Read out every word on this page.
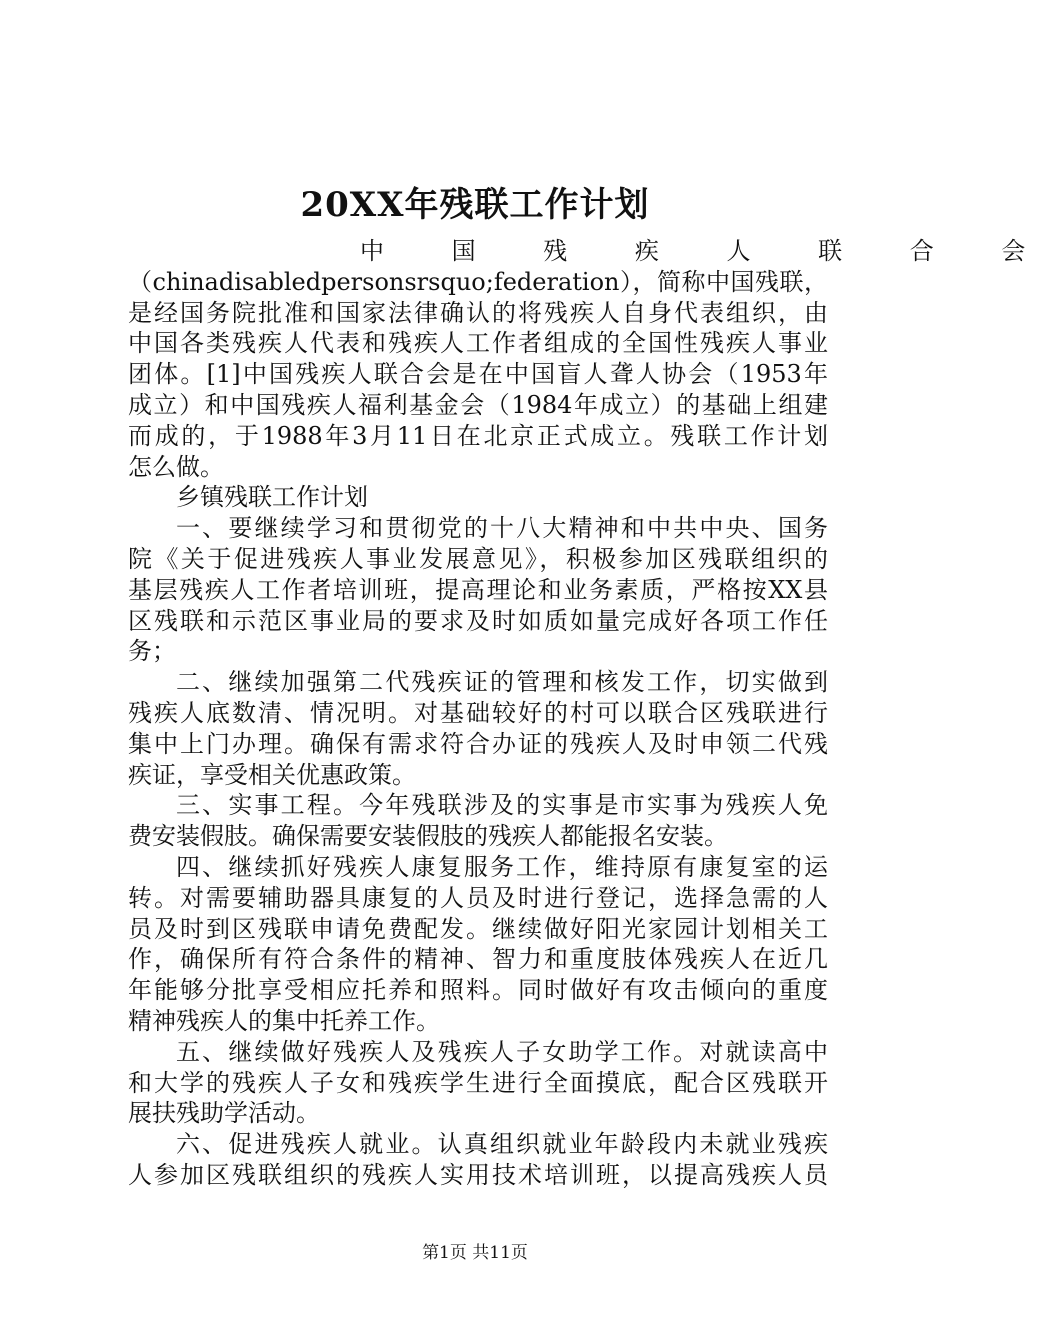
20XX年残联工作计划
中 国 残 疾 人 联 合 会
（chinadisabledpersonsrsquo;federation），简称中国残联，
是经国务院批准和国家法律确认的将残疾人自身代表组织，由
中国各类残疾人代表和残疾人工作者组成的全国性残疾人事业
团体。[1]中国残疾人联合会是在中国盲人聋人协会（1953年
成立）和中国残疾人福利基金会（1984年成立）的基础上组建
而成的，于1988年3月11日在北京正式成立。残联工作计划
怎么做。
乡镇残联工作计划
一、要继续学习和贯彻党的十八大精神和中共中央、国务
院《关于促进残疾人事业发展意见》，积极参加区残联组织的
基层残疾人工作者培训班，提高理论和业务素质，严格按XX县
区残联和示范区事业局的要求及时如质如量完成好各项工作任
务；
二、继续加强第二代残疾证的管理和核发工作，切实做到
残疾人底数清、情况明。对基础较好的村可以联合区残联进行
集中上门办理。确保有需求符合办证的残疾人及时申领二代残
疾证，享受相关优惠政策。
三、实事工程。今年残联涉及的实事是市实事为残疾人免
费安装假肢。确保需要安装假肢的残疾人都能报名安装。
四、继续抓好残疾人康复服务工作，维持原有康复室的运
转。对需要辅助器具康复的人员及时进行登记，选择急需的人
员及时到区残联申请免费配发。继续做好阳光家园计划相关工
作，确保所有符合条件的精神、智力和重度肢体残疾人在近几
年能够分批享受相应托养和照料。同时做好有攻击倾向的重度
精神残疾人的集中托养工作。
五、继续做好残疾人及残疾人子女助学工作。对就读高中
和大学的残疾人子女和残疾学生进行全面摸底，配合区残联开
展扶残助学活动。
六、促进残疾人就业。认真组织就业年龄段内未就业残疾
人参加区残联组织的残疾人实用技术培训班，以提高残疾人员
第1页 共11页
